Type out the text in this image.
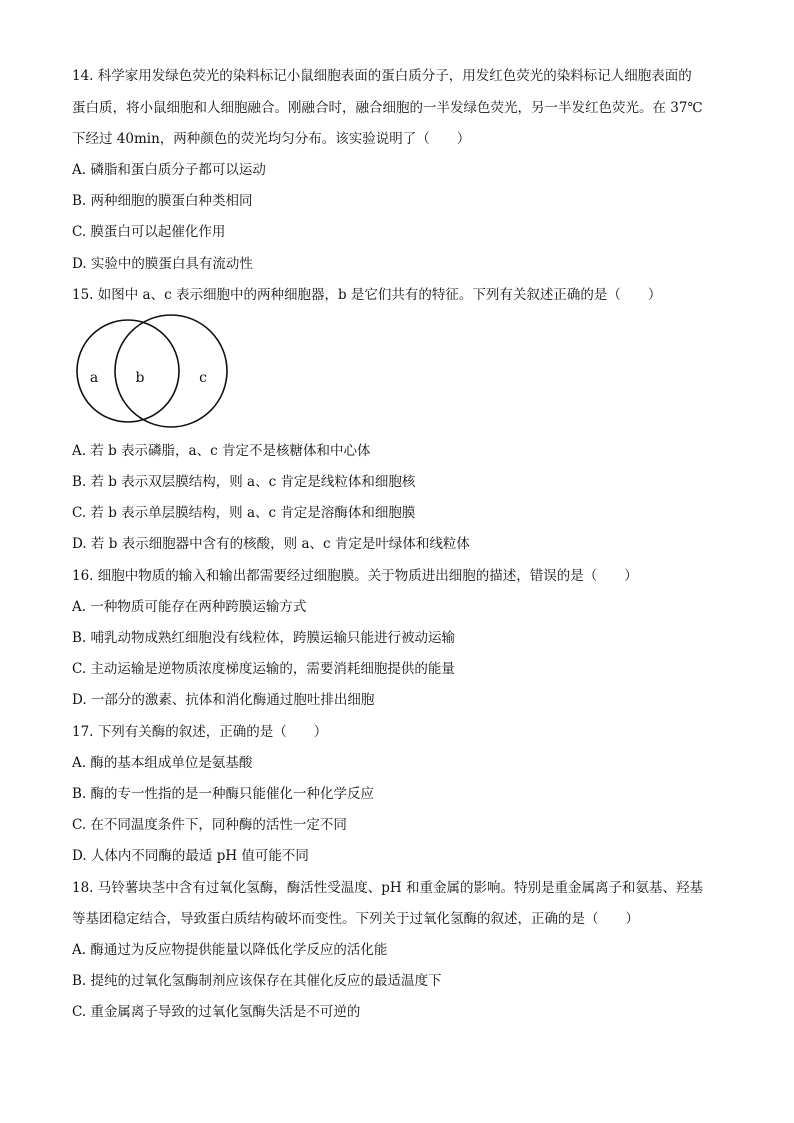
14. 科学家用发绿色荧光的染料标记小鼠细胞表面的蛋白质分子，用发红色荧光的染料标记人细胞表面的
蛋白质，将小鼠细胞和人细胞融合。刚融合时，融合细胞的一半发绿色荧光，另一半发红色荧光。在 37℃
下经过 40min，两种颜色的荧光均匀分布。该实验说明了（　　）
A. 磷脂和蛋白质分子都可以运动
B. 两种细胞的膜蛋白种类相同
C. 膜蛋白可以起催化作用
D. 实验中的膜蛋白具有流动性
15. 如图中 a、c 表示细胞中的两种细胞器，b 是它们共有的特征。下列有关叙述正确的是（　　）
a	b	c
A. 若 b 表示磷脂，a、c 肯定不是核糖体和中心体
B. 若 b 表示双层膜结构，则 a、c 肯定是线粒体和细胞核
C. 若 b 表示单层膜结构，则 a、c 肯定是溶酶体和细胞膜
D. 若 b 表示细胞器中含有的核酸，则 a、c 肯定是叶绿体和线粒体
16. 细胞中物质的输入和输出都需要经过细胞膜。关于物质进出细胞的描述，错误的是（　　）
A. 一种物质可能存在两种跨膜运输方式
B. 哺乳动物成熟红细胞没有线粒体，跨膜运输只能进行被动运输
C. 主动运输是逆物质浓度梯度运输的，需要消耗细胞提供的能量
D. 一部分的激素、抗体和消化酶通过胞吐排出细胞
17. 下列有关酶的叙述，正确的是（　　）
A. 酶的基本组成单位是氨基酸
B. 酶的专一性指的是一种酶只能催化一种化学反应
C. 在不同温度条件下，同种酶的活性一定不同
D. 人体内不同酶的最适 pH 值可能不同
18. 马铃薯块茎中含有过氧化氢酶，酶活性受温度、pH 和重金属的影响。特别是重金属离子和氨基、羟基
等基团稳定结合，导致蛋白质结构破坏而变性。下列关于过氧化氢酶的叙述，正确的是（　　）
A. 酶通过为反应物提供能量以降低化学反应的活化能
B. 提纯的过氧化氢酶制剂应该保存在其催化反应的最适温度下
C. 重金属离子导致的过氧化氢酶失活是不可逆的
